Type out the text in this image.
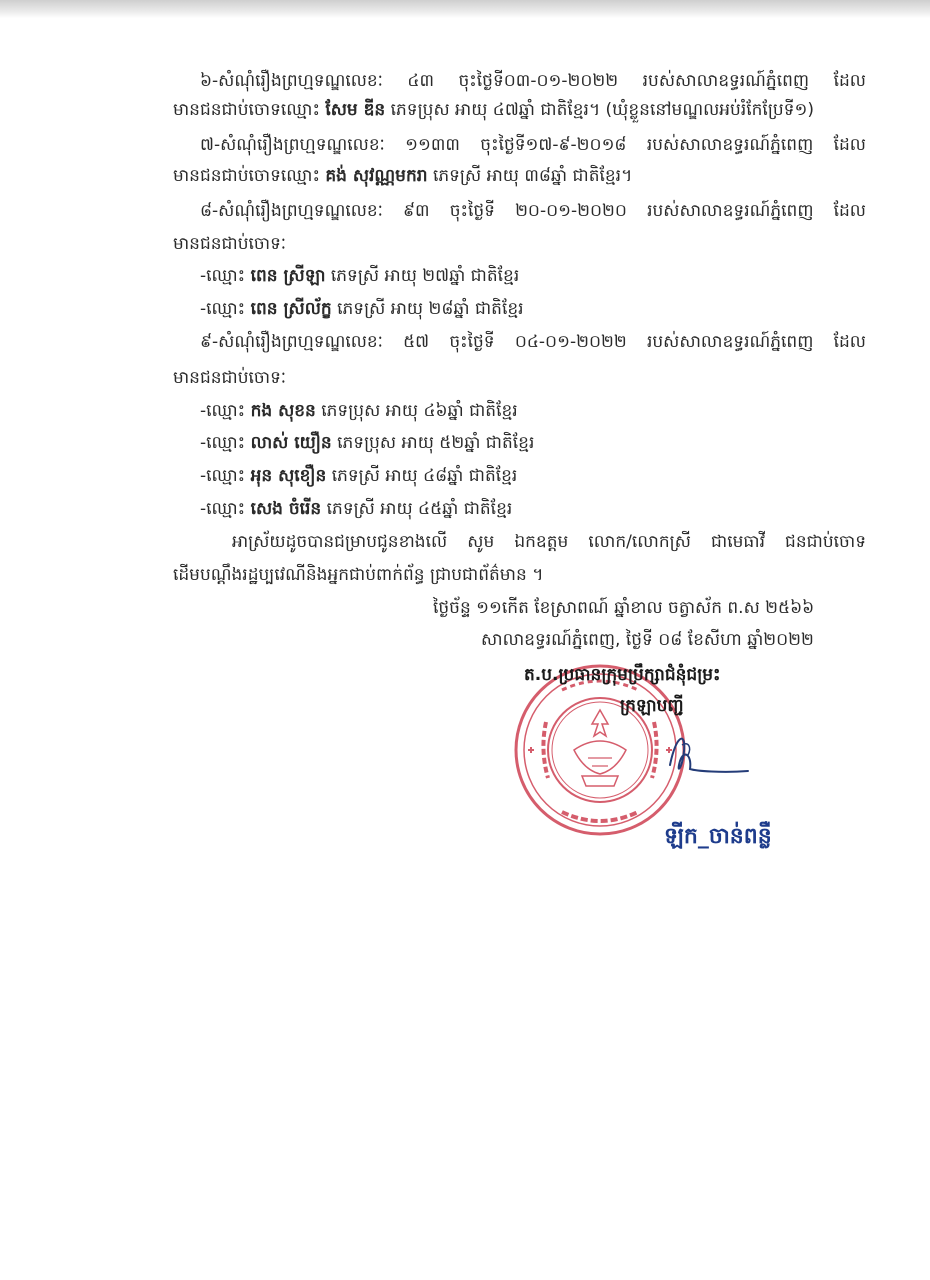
៦-សំណុំរឿងព្រហ្មទណ្ឌលេខៈ ៤៣ ចុះថ្ងៃទី០៣-០១-២០២២ របស់សាលាឧទ្ធរណ៍ភ្នំពេញ ដែល
មានជនជាប់ចោទឈ្មោះ សែម ឌីន ភេទប្រុស អាយុ ៤៧ឆ្នាំ ជាតិខ្មែរ។ (ឃុំខ្លួននៅមណ្ឌលអប់រំកែប្រែទី១)
៧-សំណុំរឿងព្រហ្មទណ្ឌលេខៈ ១១៣៣ ចុះថ្ងៃទី១៧-៩-២០១៨ របស់សាលាឧទ្ធរណ៍ភ្នំពេញ ដែល
មានជនជាប់ចោទឈ្មោះ គង់ សុវណ្ណមករា ភេទស្រី អាយុ ៣៨ឆ្នាំ ជាតិខ្មែរ។
៨-សំណុំរឿងព្រហ្មទណ្ឌលេខៈ ៩៣ ចុះថ្ងៃទី ២០-០១-២០២០ របស់សាលាឧទ្ធរណ៍ភ្នំពេញ ដែល
មានជនជាប់ចោទៈ
-ឈ្មោះ ពេន ស្រីឡា ភេទស្រី អាយុ ២៧ឆ្នាំ ជាតិខ្មែរ
-ឈ្មោះ ពេន ស្រីល័ក្ខ ភេទស្រី អាយុ ២៨ឆ្នាំ ជាតិខ្មែរ
៩-សំណុំរឿងព្រហ្មទណ្ឌលេខៈ ៥៧ ចុះថ្ងៃទី ០៤-០១-២០២២ របស់សាលាឧទ្ធរណ៍ភ្នំពេញ ដែល
មានជនជាប់ចោទៈ
-ឈ្មោះ កង សុខន ភេទប្រុស អាយុ ៤៦ឆ្នាំ ជាតិខ្មែរ
-ឈ្មោះ លាស់ យឿន ភេទប្រុស អាយុ ៥២ឆ្នាំ ជាតិខ្មែរ
-ឈ្មោះ អុន សុខឿន ភេទស្រី អាយុ ៤៨ឆ្នាំ ជាតិខ្មែរ
-ឈ្មោះ សេង ចំរើន ភេទស្រី អាយុ ៤៥ឆ្នាំ ជាតិខ្មែរ
អាស្រ័យដូចបានជម្រាបជូនខាងលើ សូម ឯកឧត្តម លោក/លោកស្រី ជាមេធាវី ជនជាប់ចោទ
ដើមបណ្តឹងរដ្ឋប្បវេណីនិងអ្នកជាប់ពាក់ព័ន្ធ ជ្រាបជាព័ត៌មាន ។
ថ្ងៃច័ន្ទ ១១កើត ខែស្រាពណ៍ ឆ្នាំខាល ចត្វាស័ក ព.ស ២៥៦៦
សាលាឧទ្ធរណ៍ភ្នំពេញ, ថ្ងៃទី ០៨ ខែសីហា ឆ្នាំ២០២២
ត.ប.ប្រធានក្រុមប្រឹក្សាជំនុំជម្រះ
ក្រឡាបញ្ជី
ឡីក_ចាន់ពន្លឺ
